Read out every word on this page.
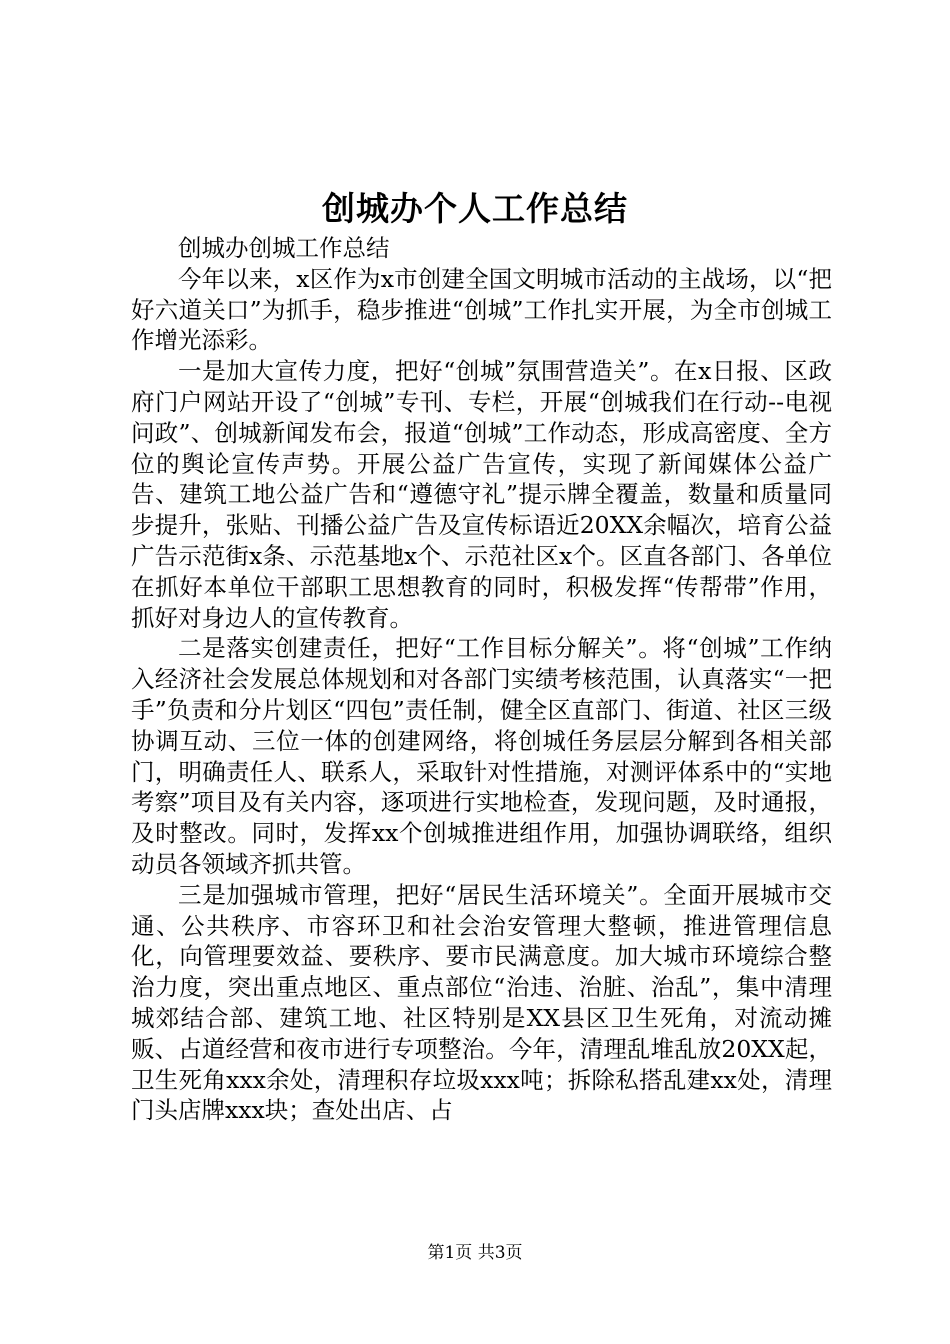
创城办个人工作总结

创城办创城工作总结

今年以来，x区作为x市创建全国文明城市活动的主战场，以“把好六道关口”为抓手，稳步推进“创城”工作扎实开展，为全市创城工作增光添彩。

一是加大宣传力度，把好“创城”氛围营造关”。在x日报、区政府门户网站开设了“创城”专刊、专栏，开展“创城我们在行动--电视问政”、创城新闻发布会，报道“创城”工作动态，形成高密度、全方位的舆论宣传声势。开展公益广告宣传，实现了新闻媒体公益广告、建筑工地公益广告和“遵德守礼”提示牌全覆盖，数量和质量同步提升，张贴、刊播公益广告及宣传标语近20XX余幅次，培育公益广告示范街x条、示范基地x个、示范社区x个。区直各部门、各单位在抓好本单位干部职工思想教育的同时，积极发挥“传帮带”作用，抓好对身边人的宣传教育。

二是落实创建责任，把好“工作目标分解关”。将“创城”工作纳入经济社会发展总体规划和对各部门实绩考核范围，认真落实“一把手”负责和分片划区“四包”责任制，健全区直部门、街道、社区三级协调互动、三位一体的创建网络，将创城任务层层分解到各相关部门，明确责任人、联系人，采取针对性措施，对测评体系中的“实地考察”项目及有关内容，逐项进行实地检查，发现问题，及时通报，及时整改。同时，发挥xx个创城推进组作用，加强协调联络，组织动员各领域齐抓共管。

三是加强城市管理，把好“居民生活环境关”。全面开展城市交通、公共秩序、市容环卫和社会治安管理大整顿，推进管理信息化，向管理要效益、要秩序、要市民满意度。加大城市环境综合整治力度，突出重点地区、重点部位“治违、治脏、治乱”，集中清理城郊结合部、建筑工地、社区特别是XX县区卫生死角，对流动摊贩、占道经营和夜市进行专项整治。今年，清理乱堆乱放20XX起，卫生死角xxx余处，清理积存垃圾xxx吨；拆除私搭乱建xx处，清理门头店牌xxx块；查处出店、占

第1页 共3页
